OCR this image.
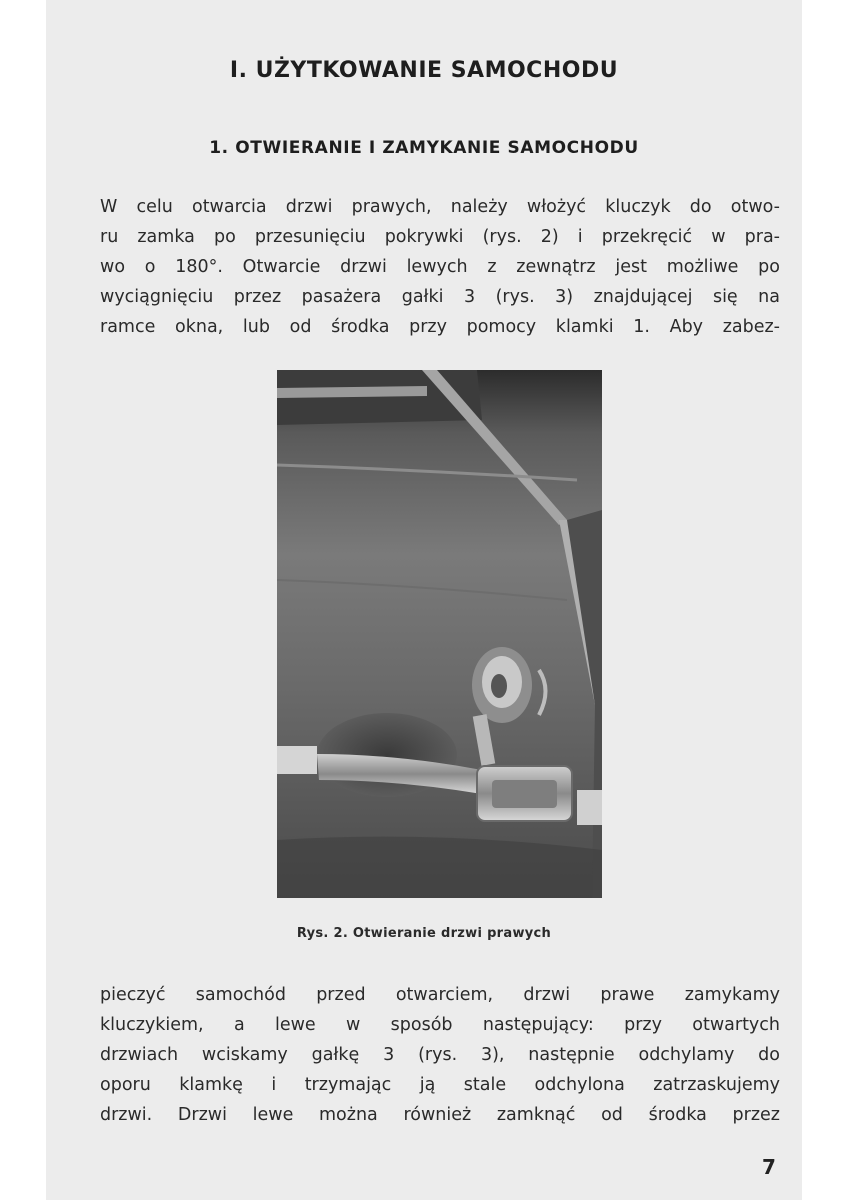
I. UŻYTKOWANIE SAMOCHODU
1. OTWIERANIE I ZAMYKANIE SAMOCHODU
W celu otwarcia drzwi prawych, należy włożyć kluczyk do otwo-
ru zamka po przesunięciu pokrywki (rys. 2) i przekręcić w pra-
wo o 180°. Otwarcie drzwi lewych z zewnątrz jest możliwe po
wyciągnięciu przez pasażera gałki 3 (rys. 3) znajdującej się na
ramce okna, lub od środka przy pomocy klamki 1. Aby zabez-
Rys. 2. Otwieranie drzwi prawych
pieczyć samochód przed otwarciem, drzwi prawe zamykamy
kluczykiem, a lewe w sposób następujący: przy otwartych
drzwiach wciskamy gałkę 3 (rys. 3), następnie odchylamy do
oporu klamkę i trzymając ją stale odchylona zatrzaskujemy
drzwi. Drzwi lewe można również zamknąć od środka przez
7
